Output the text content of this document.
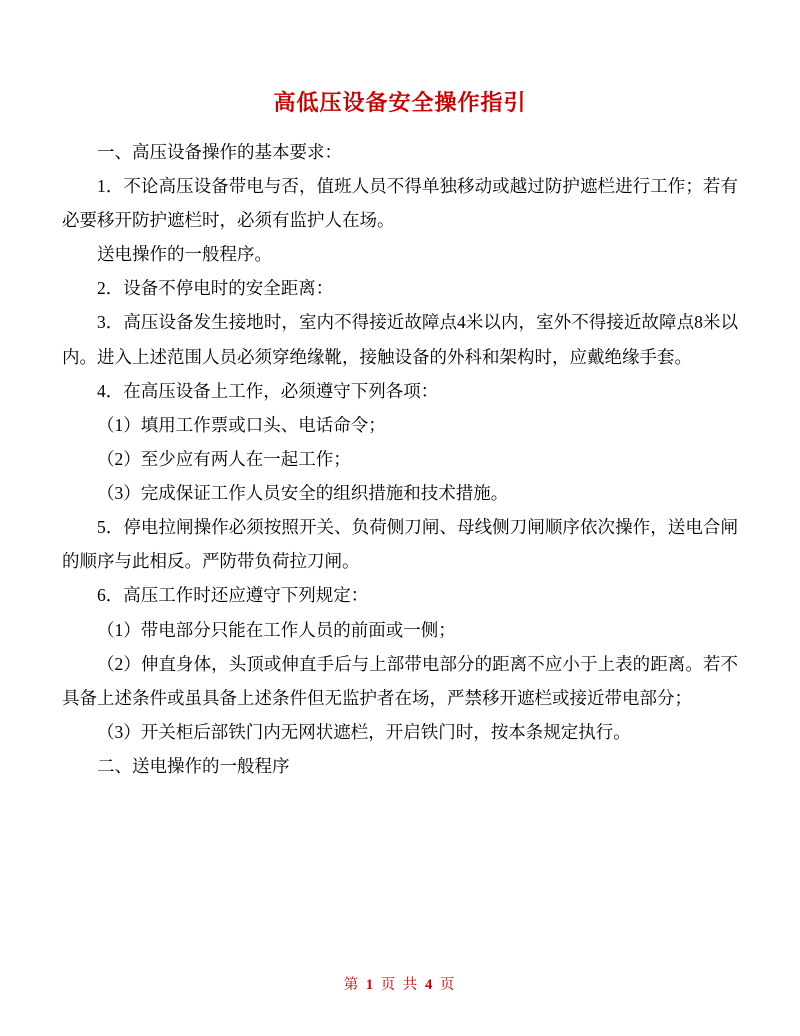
高低压设备安全操作指引

一、高压设备操作的基本要求：

1．不论高压设备带电与否，值班人员不得单独移动或越过防护遮栏进行工作；若有必要移开防护遮栏时，必须有监护人在场。

送电操作的一般程序。

2．设备不停电时的安全距离：

3．高压设备发生接地时，室内不得接近故障点4米以内，室外不得接近故障点8米以内。进入上述范围人员必须穿绝缘靴，接触设备的外科和架构时，应戴绝缘手套。

4．在高压设备上工作，必须遵守下列各项：

（1）填用工作票或口头、电话命令；

（2）至少应有两人在一起工作；

（3）完成保证工作人员安全的组织措施和技术措施。

5．停电拉闸操作必须按照开关、负荷侧刀闸、母线侧刀闸顺序依次操作，送电合闸的顺序与此相反。严防带负荷拉刀闸。

6．高压工作时还应遵守下列规定：

（1）带电部分只能在工作人员的前面或一侧；

（2）伸直身体，头顶或伸直手后与上部带电部分的距离不应小于上表的距离。若不具备上述条件或虽具备上述条件但无监护者在场，严禁移开遮栏或接近带电部分；

（3）开关柜后部铁门内无网状遮栏，开启铁门时，按本条规定执行。

二、送电操作的一般程序

第 1 页 共 4 页
